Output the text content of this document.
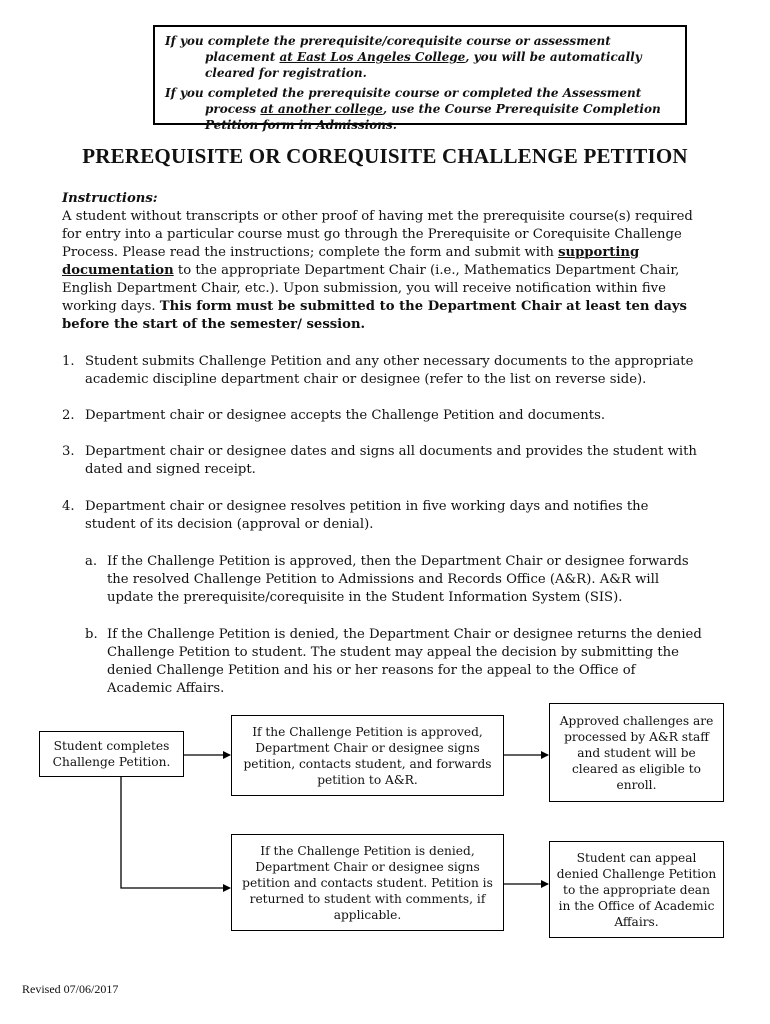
If you complete the prerequisite/corequisite course or assessment placement at East Los Angeles College, you will be automatically cleared for registration.

If you completed the prerequisite course or completed the Assessment process at another college, use the Course Prerequisite Completion Petition form in Admissions.

PREREQUISITE OR COREQUISITE CHALLENGE PETITION
Instructions:
A student without transcripts or other proof of having met the prerequisite course(s) required for entry into a particular course must go through the Prerequisite or Corequisite Challenge Process. Please read the instructions; complete the form and submit with supporting documentation to the appropriate Department Chair (i.e., Mathematics Department Chair, English Department Chair, etc.). Upon submission, you will receive notification within five working days. This form must be submitted to the Department Chair at least ten days before the start of the semester/ session.
1. Student submits Challenge Petition and any other necessary documents to the appropriate academic discipline department chair or designee (refer to the list on reverse side).
2. Department chair or designee accepts the Challenge Petition and documents.
3. Department chair or designee dates and signs all documents and provides the student with dated and signed receipt.
4. Department chair or designee resolves petition in five working days and notifies the student of its decision (approval or denial).
a. If the Challenge Petition is approved, then the Department Chair or designee forwards the resolved Challenge Petition to Admissions and Records Office (A&R). A&R will update the prerequisite/corequisite in the Student Information System (SIS).
b. If the Challenge Petition is denied, the Department Chair or designee returns the denied Challenge Petition to student. The student may appeal the decision by submitting the denied Challenge Petition and his or her reasons for the appeal to the Office of Academic Affairs.
Student completes Challenge Petition.
If the Challenge Petition is approved, Department Chair or designee signs petition, contacts student, and forwards petition to A&R.
Approved challenges are processed by A&R staff and student will be cleared as eligible to enroll.
If the Challenge Petition is denied, Department Chair or designee signs petition and contacts student. Petition is returned to student with comments, if applicable.
Student can appeal denied Challenge Petition to the appropriate dean in the Office of Academic Affairs.
Revised 07/06/2017
